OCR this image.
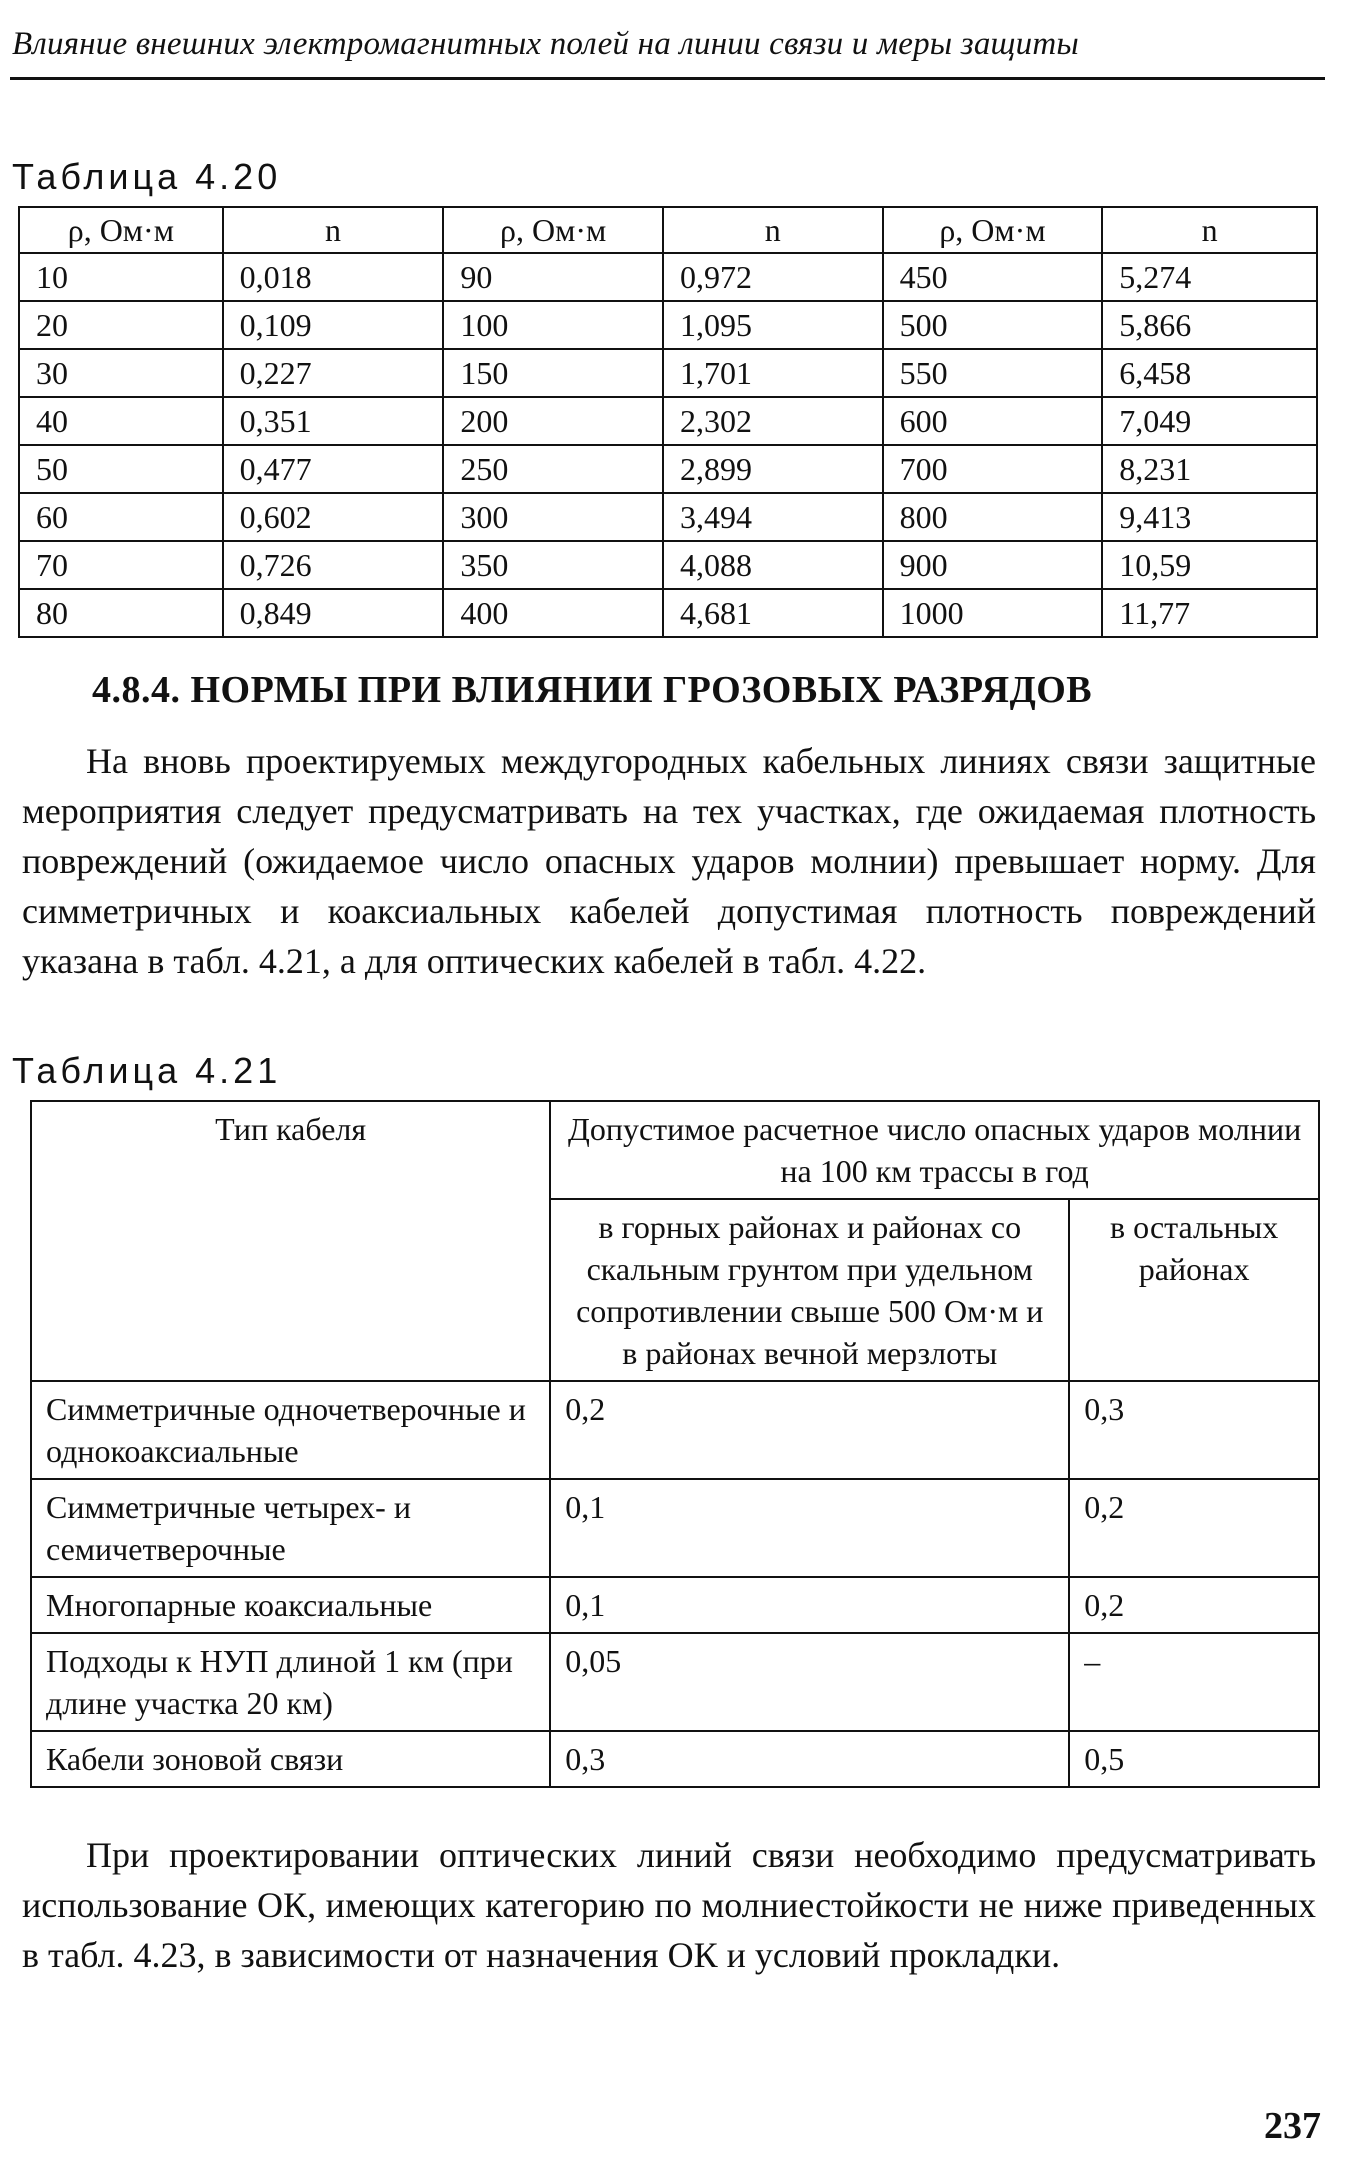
Влияние внешних электромагнитных полей на линии связи и меры защиты
Таблица 4.20
ρ, Ом·м	n	ρ, Ом·м	n	ρ, Ом·м	n
10	0,018	90	0,972	450	5,274
20	0,109	100	1,095	500	5,866
30	0,227	150	1,701	550	6,458
40	0,351	200	2,302	600	7,049
50	0,477	250	2,899	700	8,231
60	0,602	300	3,494	800	9,413
70	0,726	350	4,088	900	10,59
80	0,849	400	4,681	1000	11,77
4.8.4. НОРМЫ ПРИ ВЛИЯНИИ ГРОЗОВЫХ РАЗРЯДОВ
На вновь проектируемых междугородных кабельных линиях связи защитные мероприятия следует предусматривать на тех участках, где ожидаемая плотность повреждений (ожидаемое число опасных ударов молнии) превышает норму. Для симметричных и коаксиальных кабелей допустимая плотность повреждений указана в табл. 4.21, а для оптических кабелей в табл. 4.22.
Таблица 4.21
Тип кабеля	Допустимое расчетное число опасных ударов молнии на 100 км трассы в год	
	в горных районах и районах со скальным грунтом при удельном сопротивлении свыше 500 Ом·м и в районах вечной мерзлоты	в остальных районах
Симметричные одночетверочные и однокоаксиальные	0,2	0,3
Симметричные четырех- и семичетверочные	0,1	0,2
Многопарные коаксиальные	0,1	0,2
Подходы к НУП длиной 1 км (при длине участка 20 км)	0,05	–
Кабели зоновой связи	0,3	0,5
При проектировании оптических линий связи необходимо предусматривать использование ОК, имеющих категорию по молниестойкости не ниже приведенных в табл. 4.23, в зависимости от назначения ОК и условий прокладки.
237
